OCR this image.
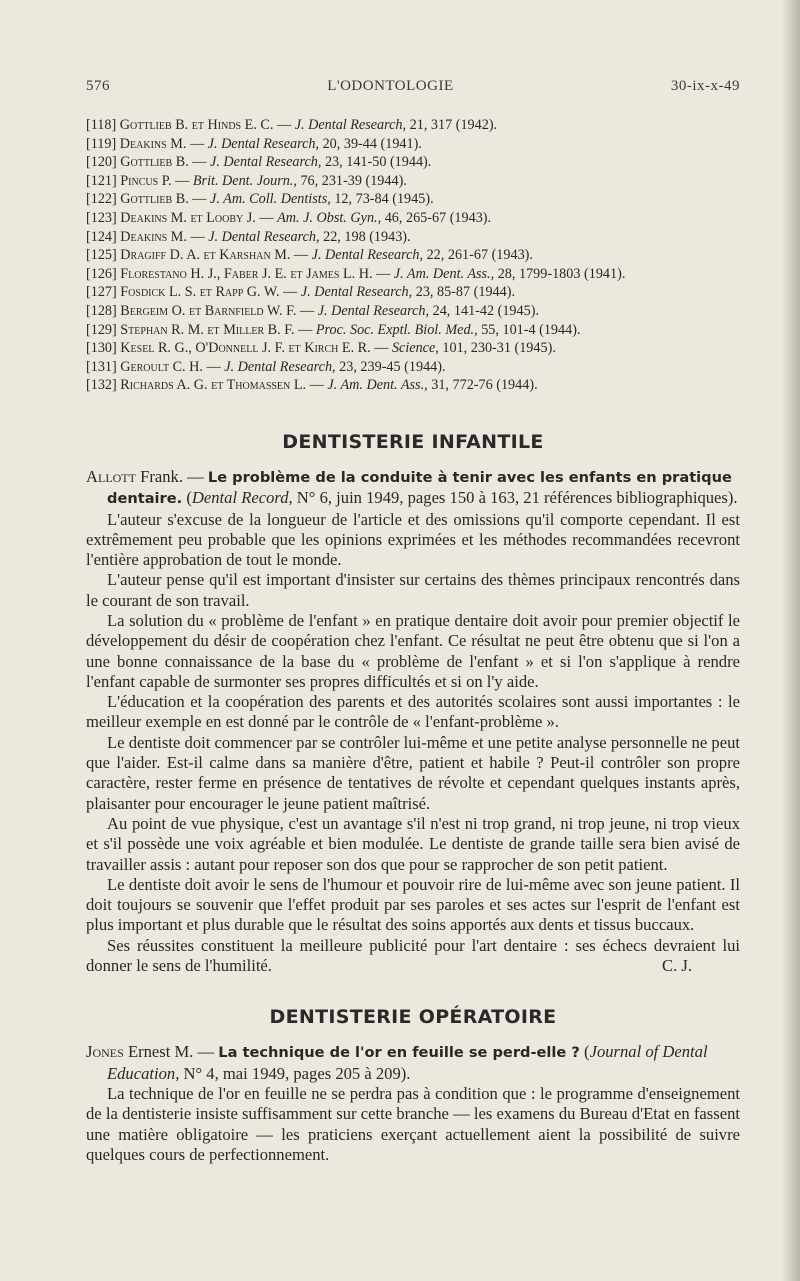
576	L'ODONTOLOGIE	30-ix-x-49
[118] Gottlieb B. et Hinds E. C. — J. Dental Research, 21, 317 (1942).
[119] Deakins M. — J. Dental Research, 20, 39-44 (1941).
[120] Gottlieb B. — J. Dental Research, 23, 141-50 (1944).
[121] Pincus P. — Brit. Dent. Journ., 76, 231-39 (1944).
[122] Gottlieb B. — J. Am. Coll. Dentists, 12, 73-84 (1945).
[123] Deakins M. et Looby J. — Am. J. Obst. Gyn., 46, 265-67 (1943).
[124] Deakins M. — J. Dental Research, 22, 198 (1943).
[125] Dragiff D. A. et Karshan M. — J. Dental Research, 22, 261-67 (1943).
[126] Florestano H. J., Faber J. E. et James L. H. — J. Am. Dent. Ass., 28, 1799-1803 (1941).
[127] Fosdick L. S. et Rapp G. W. — J. Dental Research, 23, 85-87 (1944).
[128] Bergeim O. et Barnfield W. F. — J. Dental Research, 24, 141-42 (1945).
[129] Stephan R. M. et Miller B. F. — Proc. Soc. Exptl. Biol. Med., 55, 101-4 (1944).
[130] Kesel R. G., O'Donnell J. F. et Kirch E. R. — Science, 101, 230-31 (1945).
[131] Geroult C. H. — J. Dental Research, 23, 239-45 (1944).
[132] Richards A. G. et Thomassen L. — J. Am. Dent. Ass., 31, 772-76 (1944).
DENTISTERIE INFANTILE
Allott Frank. — Le problème de la conduite à tenir avec les enfants en pratique dentaire. (Dental Record, N° 6, juin 1949, pages 150 à 163, 21 références bibliographiques).

L'auteur s'excuse de la longueur de l'article et des omissions qu'il comporte cependant. Il est extrêmement peu probable que les opinions exprimées et les méthodes recommandées recevront l'entière approbation de tout le monde.

L'auteur pense qu'il est important d'insister sur certains des thèmes principaux rencontrés dans le courant de son travail.

La solution du « problème de l'enfant » en pratique dentaire doit avoir pour premier objectif le développement du désir de coopération chez l'enfant. Ce résultat ne peut être obtenu que si l'on a une bonne connaissance de la base du « problème de l'enfant » et si l'on s'applique à rendre l'enfant capable de surmonter ses propres difficultés et si on l'y aide.

L'éducation et la coopération des parents et des autorités scolaires sont aussi importantes : le meilleur exemple en est donné par le contrôle de « l'enfant-problème ».

Le dentiste doit commencer par se contrôler lui-même et une petite analyse personnelle ne peut que l'aider. Est-il calme dans sa manière d'être, patient et habile ? Peut-il contrôler son propre caractère, rester ferme en présence de tentatives de révolte et cependant quelques instants après, plaisanter pour encourager le jeune patient maîtrisé.

Au point de vue physique, c'est un avantage s'il n'est ni trop grand, ni trop jeune, ni trop vieux et s'il possède une voix agréable et bien modulée. Le dentiste de grande taille sera bien avisé de travailler assis : autant pour reposer son dos que pour se rapprocher de son petit patient.

Le dentiste doit avoir le sens de l'humour et pouvoir rire de lui-même avec son jeune patient. Il doit toujours se souvenir que l'effet produit par ses paroles et ses actes sur l'esprit de l'enfant est plus important et plus durable que le résultat des soins apportés aux dents et tissus buccaux.

Ses réussites constituent la meilleure publicité pour l'art dentaire : ses échecs devraient lui donner le sens de l'humilité.	C. J.

DENTISTERIE OPÉRATOIRE
Jones Ernest M. — La technique de l'or en feuille se perd-elle ? (Journal of Dental Education, N° 4, mai 1949, pages 205 à 209).

La technique de l'or en feuille ne se perdra pas à condition que : le programme d'enseignement de la dentisterie insiste suffisamment sur cette branche — les examens du Bureau d'Etat en fassent une matière obligatoire — les praticiens exerçant actuellement aient la possibilité de suivre quelques cours de perfectionnement.
